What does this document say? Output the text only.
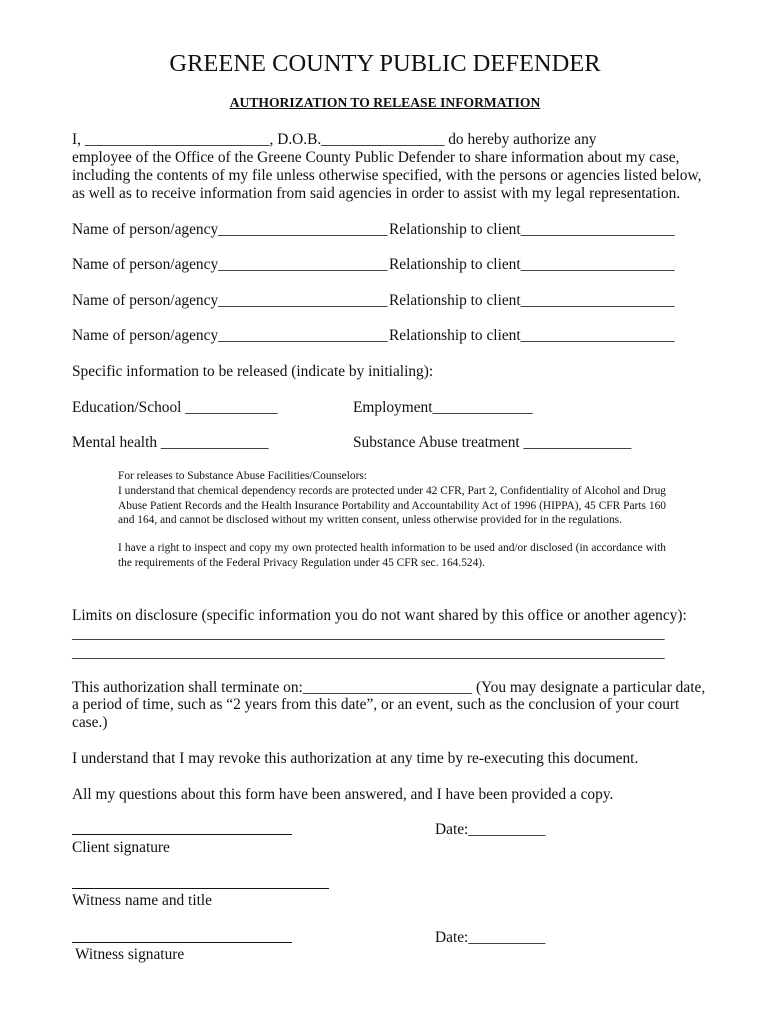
GREENE COUNTY PUBLIC DEFENDER
AUTHORIZATION TO RELEASE INFORMATION
I, ________________________, D.O.B.________________ do hereby authorize any
employee of the Office of the Greene County Public Defender to share information about my case,
including the contents of my file unless otherwise specified, with the persons or agencies listed below,
as well as to receive information from said agencies in order to assist with my legal representation.
Name of person/agency______________________ Relationship to client____________________
Name of person/agency______________________ Relationship to client____________________
Name of person/agency______________________ Relationship to client____________________
Name of person/agency______________________ Relationship to client____________________
Specific information to be released (indicate by initialing):
Education/School ____________	Employment_____________
Mental health ______________	Substance Abuse treatment ______________

For releases to Substance Abuse Facilities/Counselors:

I understand that chemical dependency records are protected under 42 CFR, Part 2, Confidentiality of Alcohol and Drug Abuse Patient Records and the Health Insurance Portability and Accountability Act of 1996 (HIPPA), 45 CFR Parts 160 and 164, and cannot be disclosed without my written consent, unless otherwise provided for in the regulations.

I have a right to inspect and copy my own protected health information to be used and/or disclosed (in accordance with the requirements of the Federal Privacy Regulation under 45 CFR sec. 164.524).

Limits on disclosure (specific information you do not want shared by this office or another agency):
_____________________________________________________________________________
_____________________________________________________________________________
This authorization shall terminate on:______________________ (You may designate a particular date,
a period of time, such as “2 years from this date”, or an event, such as the conclusion of your court
case.)
I understand that I may revoke this authorization at any time by re-executing this document.
All my questions about this form have been answered, and I have been provided a copy.
Date:__________
Client signature
Witness name and title
Date:__________
Witness signature
